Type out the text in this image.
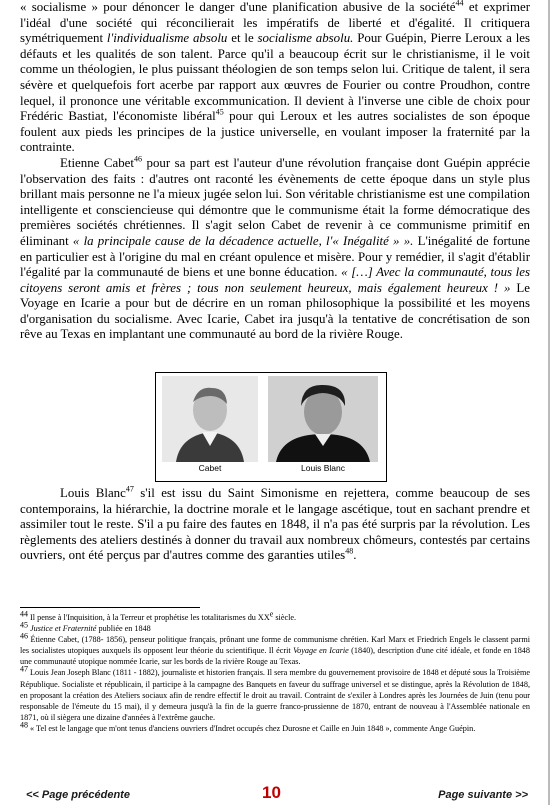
« socialisme » pour dénoncer le danger d'une planification abusive de la société$^{44}$ et exprimer l'idéal d'une société qui réconcilierait les impératifs de liberté et d'égalité. Il critiquera symétriquement l'individualisme absolu et le socialisme absolu. Pour Guépin, Pierre Leroux a les défauts et les qualités de son talent. Parce qu'il a beaucoup écrit sur le christianisme, il le voit comme un théologien, le plus puissant théologien de son temps selon lui. Critique de talent, il sera sévère et quelquefois fort acerbe par rapport aux œuvres de Fourier ou contre Proudhon, contre lequel, il prononce une véritable excommunication. Il devient à l'inverse une cible de choix pour Frédéric Bastiat, l'économiste libéral$^{45}$ pour qui Leroux et les autres socialistes de son époque foulent aux pieds les principes de la justice universelle, en voulant imposer la fraternité par la contrainte.

Etienne Cabet$^{46}$ pour sa part est l'auteur d'une révolution française dont Guépin apprécie l'observation des faits : d'autres ont raconté les évènements de cette époque dans un style plus brillant mais personne ne l'a mieux jugée selon lui. Son véritable christianisme est une compilation intelligente et consciencieuse qui démontre que le communisme était la forme démocratique des premières sociétés chrétiennes. Il s'agit selon Cabet de revenir à ce communisme primitif en éliminant « la principale cause de la décadence actuelle, l'« Inégalité » ». L'inégalité de fortune en particulier est à l'origine du mal en créant opulence et misère. Pour y remédier, il s'agit d'établir l'égalité par la communauté de biens et une bonne éducation. « […] Avec la communauté, tous les citoyens seront amis et frères ; tous non seulement heureux, mais également heureux ! » Le Voyage en Icarie a pour but de décrire en un roman philosophique la possibilité et les moyens d'organisation du socialisme. Avec Icarie, Cabet ira jusqu'à la tentative de concrétisation de son rêve au Texas en implantant une communauté au bord de la rivière Rouge.

Cabet	Louis Blanc

Louis Blanc$^{47}$ s'il est issu du Saint Simonisme en rejettera, comme beaucoup de ses contemporains, la hiérarchie, la doctrine morale et le langage ascétique, tout en sachant prendre et assimiler tout le reste. S'il a pu faire des fautes en 1848, il n'a pas été surpris par la révolution. Les règlements des ateliers destinés à donner du travail aux nombreux chômeurs, contestés par certains ouvriers, ont été perçus par d'autres comme des garanties utiles$^{48}$.

$^{44}$ Il pense à l'Inquisition, à la Terreur et prophétise les totalitarismes du XXe siècle.

$^{45}$ Justice et Fraternité publiée en 1848

$^{46}$ Étienne Cabet, (1788- 1856), penseur politique français, prônant une forme de communisme chrétien. Karl Marx et Friedrich Engels le classent parmi les socialistes utopiques auxquels ils opposent leur théorie du scientifique. Il écrit Voyage en Icarie (1840), description d'une cité idéale, et fonde en 1848 une communauté utopique nommée Icarie, sur les bords de la rivière Rouge au Texas.

$^{47}$ Louis Jean Joseph Blanc (1811 - 1882), journaliste et historien français. Il sera membre du gouvernement provisoire de 1848 et député sous la Troisième République. Socialiste et républicain, il participe à la campagne des Banquets en faveur du suffrage universel et se distingue, après la Révolution de 1848, en proposant la création des Ateliers sociaux afin de rendre effectif le droit au travail. Contraint de s'exiler à Londres après les Journées de Juin (tenu pour responsable de l'émeute du 15 mai), il y demeura jusqu'à la fin de la guerre franco-prussienne de 1870, entrant de nouveau à l'Assemblée nationale en 1871, où il siègera une dizaine d'années à l'extrême gauche.

$^{48}$ « Tel est le langage que m'ont tenus d'anciens ouvriers d'Indret occupés chez Durosne et Caille en Juin 1848 », commente Ange Guépin.

<< Page précédente	10	Page suivante >>
